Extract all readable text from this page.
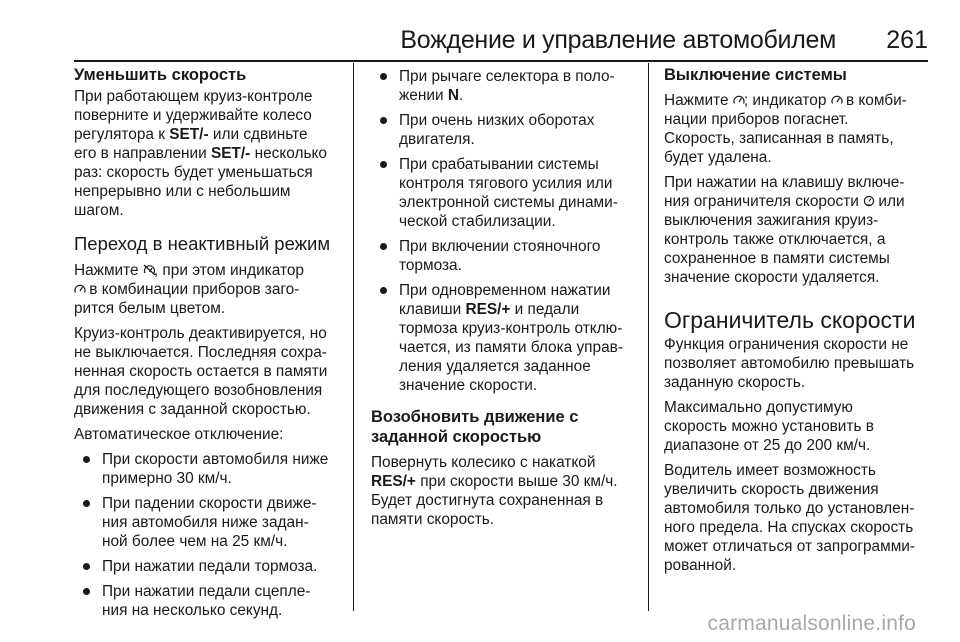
Вождение и управление автомобилем 261
Уменьшить скорость

При работающем круиз-контроле
поверните и удерживайте колесо
регулятора к SET/- или сдвиньте
его в направлении SET/- несколько
раз: скорость будет уменьшаться
непрерывно или с небольшим
шагом.

Переход в неактивный режим

Нажмите
, при этом индикатор

в комбинации приборов заго-
рится белым цветом.

Круиз-контроль деактивируется, но
не выключается. Последняя сохра-
ненная скорость остается в памяти
для последующего возобновления
движения с заданной скоростью.

Автоматическое отключение:

При скорости автомобиля ниже
примерно 30 км/ч.
При падении скорости движе-
ния автомобиля ниже задан-
ной более чем на 25 км/ч.
При нажатии педали тормоза.
При нажатии педали сцепле-
ния на несколько секунд.
При рычаге селектора в поло-
жении N.
При очень низких оборотах
двигателя.
При срабатывании системы
контроля тягового усилия или
электронной системы динами-
ческой стабилизации.
При включении стояночного
тормоза.
При одновременном нажатии
клавиши RES/+ и педали
тормоза круиз-контроль отклю-
чается, из памяти блока управ-
ления удаляется заданное
значение скорости.
Возобновить движение с
заданной скоростью

Повернуть колесико с накаткой
RES/+ при скорости выше 30 км/ч.
Будет достигнута сохраненная в
памяти скорость.

Выключение системы

Нажмите
; индикатор
в комби-
нации приборов погаснет.
Скорость, записанная в память,
будет удалена.

При нажатии на клавишу включе-
ния ограничителя скорости
или
выключения зажигания круиз-
контроль также отключается, а
сохраненное в памяти системы
значение скорости удаляется.

Ограничитель скорости

Функция ограничения скорости не
позволяет автомобилю превышать
заданную скорость.

Максимально допустимую
скорость можно установить в
диапазоне от 25 до 200 км/ч.

Водитель имеет возможность
увеличить скорость движения
автомобиля только до установлен-
ного предела. На спусках скорость
может отличаться от запрограмми-
рованной.

carmanualsonline.info
